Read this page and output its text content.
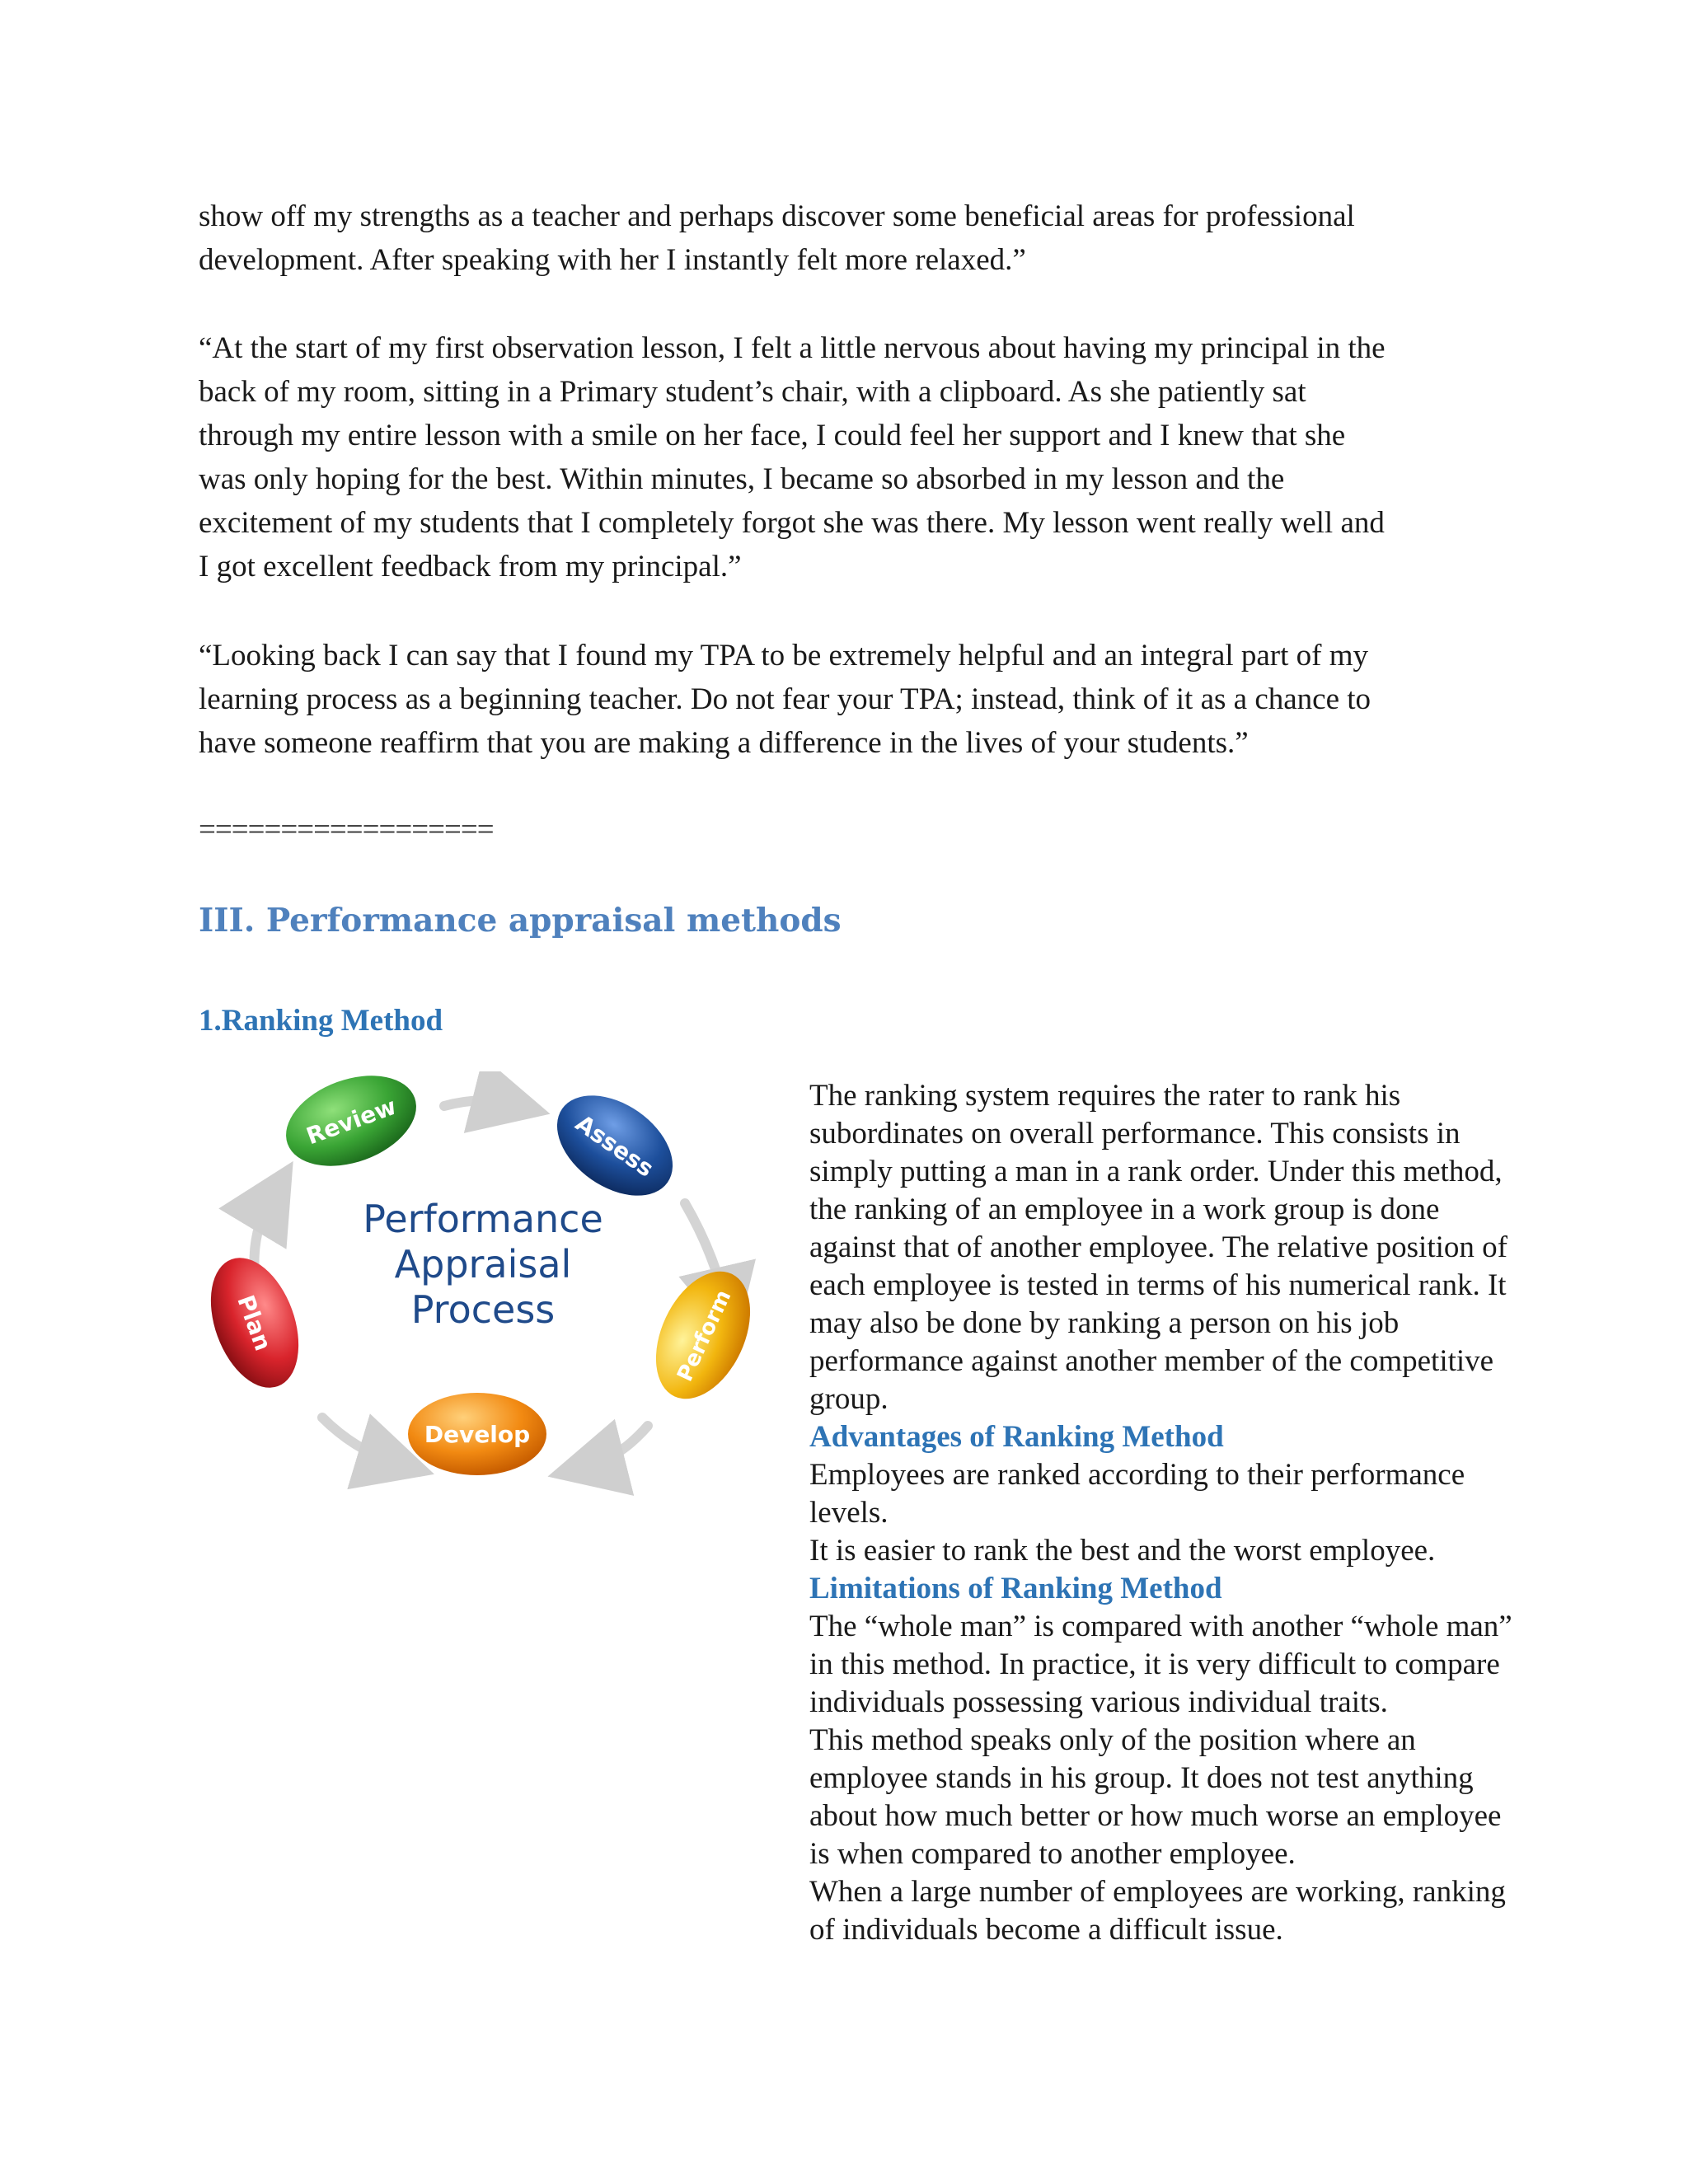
show off my strengths as a teacher and perhaps discover some beneficial areas for professional
development. After speaking with her I instantly felt more relaxed.”
“At the start of my first observation lesson, I felt a little nervous about having my principal in the
back of my room, sitting in a Primary student’s chair, with a clipboard. As she patiently sat
through my entire lesson with a smile on her face, I could feel her support and I knew that she
was only hoping for the best. Within minutes, I became so absorbed in my lesson and the
excitement of my students that I completely forgot she was there. My lesson went really well and
I got excellent feedback from my principal.”
“Looking back I can say that I found my TPA to be extremely helpful and an integral part of my
learning process as a beginning teacher. Do not fear your TPA; instead, think of it as a chance to
have someone reaffirm that you are making a difference in the lives of your students.”
==================
III. Performance appraisal methods
1.Ranking Method
Review	Assess
Perform
Develop
Plan
Performance
Appraisal
Process
The ranking system requires the rater to rank his
subordinates on overall performance. This consists in
simply putting a man in a rank order. Under this method,
the ranking of an employee in a work group is done
against that of another employee. The relative position of
each employee is tested in terms of his numerical rank. It
may also be done by ranking a person on his job
performance against another member of the competitive
group.
Advantages of Ranking Method
Employees are ranked according to their performance
levels.
It is easier to rank the best and the worst employee.
Limitations of Ranking Method
The “whole man” is compared with another “whole man”
in this method. In practice, it is very difficult to compare
individuals possessing various individual traits.
This method speaks only of the position where an
employee stands in his group. It does not test anything
about how much better or how much worse an employee
is when compared to another employee.
When a large number of employees are working, ranking
of individuals become a difficult issue.
